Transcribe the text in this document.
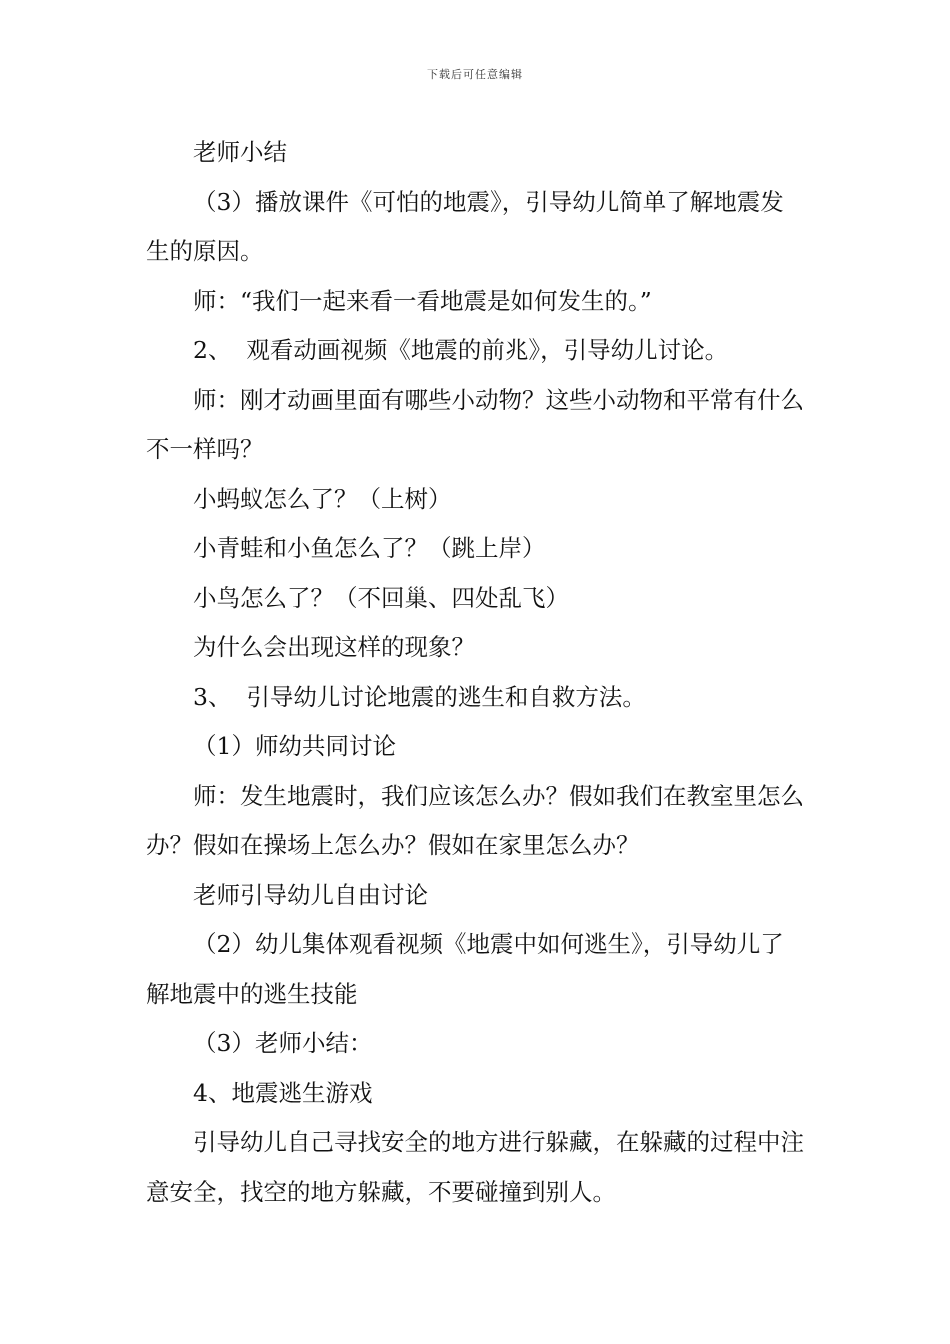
下载后可任意编辑

老师小结

（3）播放课件《可怕的地震》，引导幼儿简单了解地震发生的原因。

师：“我们一起来看一看地震是如何发生的。”

2、  观看动画视频《地震的前兆》，引导幼儿讨论。

师：刚才动画里面有哪些小动物？这些小动物和平常有什么不一样吗？

小蚂蚁怎么了？（上树）

小青蛙和小鱼怎么了？（跳上岸）

小鸟怎么了？（不回巢、四处乱飞）

为什么会出现这样的现象？

3、  引导幼儿讨论地震的逃生和自救方法。

（1）师幼共同讨论

师：发生地震时，我们应该怎么办？假如我们在教室里怎么办？假如在操场上怎么办？假如在家里怎么办？

老师引导幼儿自由讨论

（2）幼儿集体观看视频《地震中如何逃生》，引导幼儿了解地震中的逃生技能

（3）老师小结：

4、地震逃生游戏

引导幼儿自己寻找安全的地方进行躲藏，在躲藏的过程中注意安全，找空的地方躲藏，不要碰撞到别人。
